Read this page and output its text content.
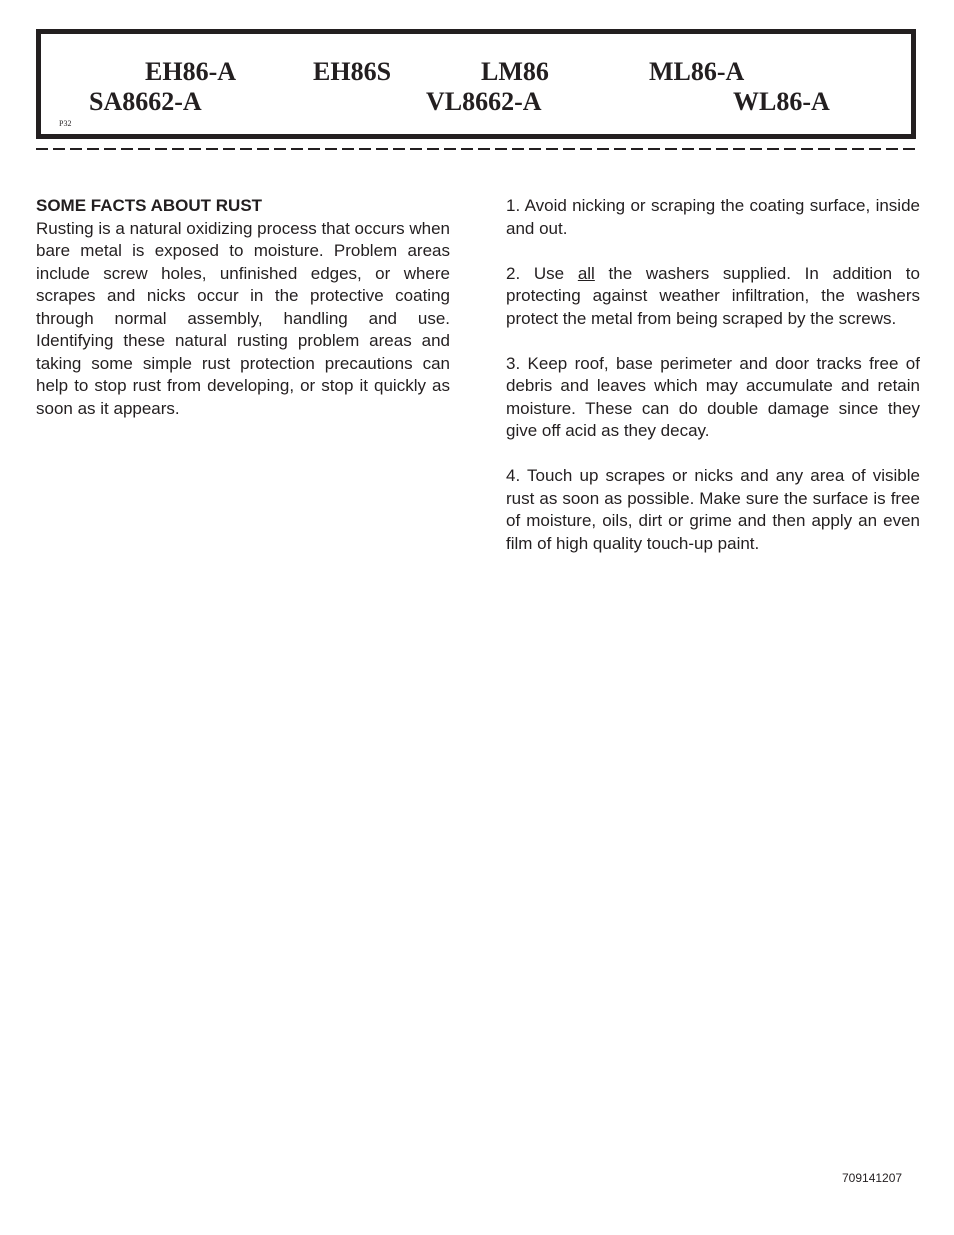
EH86-A	EH86S	LM86	ML86-A
SA8662-A	VL8662-A	WL86-A
P32

SOME FACTS ABOUT RUST

Rusting is a natural oxidizing process that occurs when bare metal is exposed to moisture. Problem areas include screw holes, unfinished edges, or where scrapes and nicks occur in the protective coating through normal assembly, handling and use. Identifying these natural rusting problem areas and taking some simple rust protection precautions can help to stop rust from developing, or stop it quickly as soon as it appears.

1. Avoid nicking or scraping the coating surface, inside and out.

2. Use all the washers supplied. In addition to protecting against weather infiltration, the washers protect the metal from being scraped by the screws.

3. Keep roof, base perimeter and door tracks free of debris and leaves which may accumulate and retain moisture. These can do double damage since they give off acid as they decay.

4. Touch up scrapes or nicks and any area of visible rust as soon as possible. Make sure the surface is free of moisture, oils, dirt or grime and then apply an even film of high quality touch-up paint.

709141207
